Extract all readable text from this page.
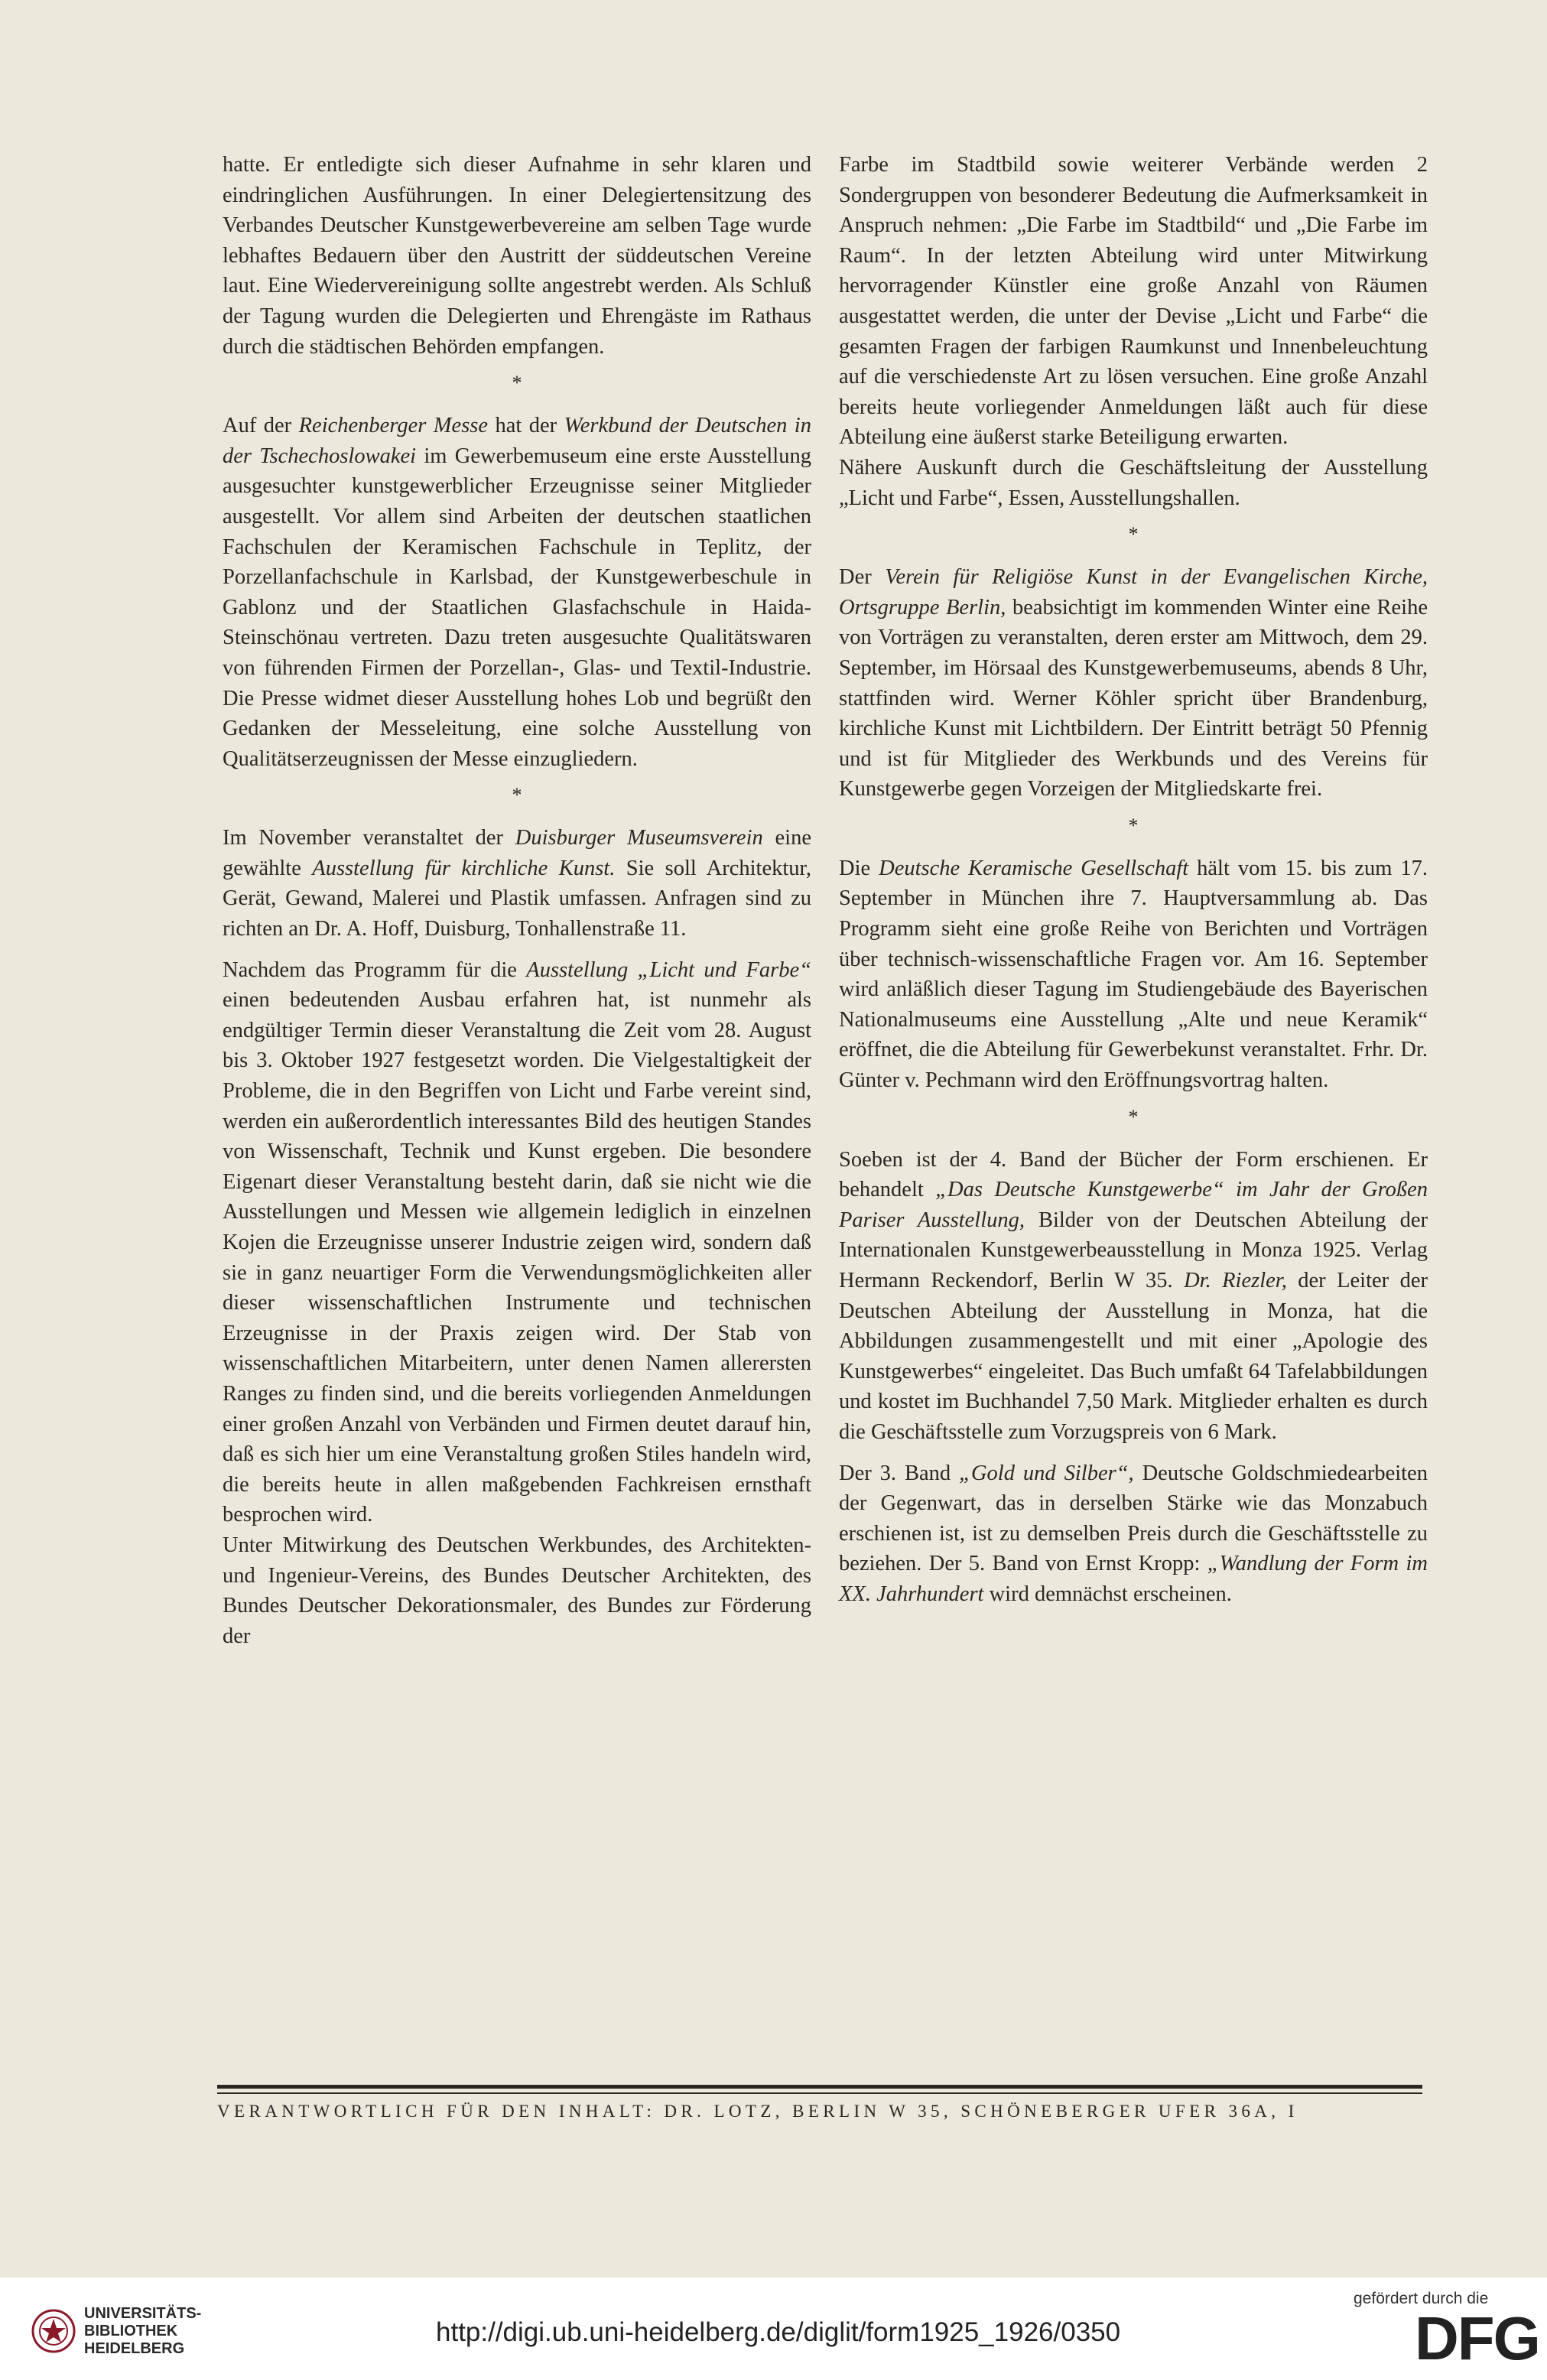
hatte. Er entledigte sich dieser Aufnahme in sehr klaren und eindringlichen Ausführungen. In einer Delegiertensitzung des Verbandes Deutscher Kunstgewerbevereine am selben Tage wurde lebhaftes Bedauern über den Austritt der süddeutschen Vereine laut. Eine Wiedervereinigung sollte angestrebt werden. Als Schluß der Tagung wurden die Delegierten und Ehrengäste im Rathaus durch die städtischen Behörden empfangen.

*

Auf der Reichenberger Messe hat der Werkbund der Deutschen in der Tschechoslowakei im Gewerbemuseum eine erste Ausstellung ausgesuchter kunstgewerblicher Erzeugnisse seiner Mitglieder ausgestellt. Vor allem sind Arbeiten der deutschen staatlichen Fachschulen der Keramischen Fachschule in Teplitz, der Porzellanfachschule in Karlsbad, der Kunstgewerbeschule in Gablonz und der Staatlichen Glasfachschule in Haida-Steinschönau vertreten. Dazu treten ausgesuchte Qualitätswaren von führenden Firmen der Porzellan-, Glas- und Textil-Industrie. Die Presse widmet dieser Ausstellung hohes Lob und begrüßt den Gedanken der Messeleitung, eine solche Ausstellung von Qualitätserzeugnissen der Messe einzugliedern.

*

Im November veranstaltet der Duisburger Museumsverein eine gewählte Ausstellung für kirchliche Kunst. Sie soll Architektur, Gerät, Gewand, Malerei und Plastik umfassen. Anfragen sind zu richten an Dr. A. Hoff, Duisburg, Tonhallenstraße 11.

Nachdem das Programm für die Ausstellung „Licht und Farbe“ einen bedeutenden Ausbau erfahren hat, ist nunmehr als endgültiger Termin dieser Veranstaltung die Zeit vom 28. August bis 3. Oktober 1927 festgesetzt worden. Die Vielgestaltigkeit der Probleme, die in den Begriffen von Licht und Farbe vereint sind, werden ein außerordentlich interessantes Bild des heutigen Standes von Wissenschaft, Technik und Kunst ergeben. Die besondere Eigenart dieser Veranstaltung besteht darin, daß sie nicht wie die Ausstellungen und Messen wie allgemein lediglich in einzelnen Kojen die Erzeugnisse unserer Industrie zeigen wird, sondern daß sie in ganz neuartiger Form die Verwendungsmöglichkeiten aller dieser wissenschaftlichen Instrumente und technischen Erzeugnisse in der Praxis zeigen wird. Der Stab von wissenschaftlichen Mitarbeitern, unter denen Namen allerersten Ranges zu finden sind, und die bereits vorliegenden Anmeldungen einer großen Anzahl von Verbänden und Firmen deutet darauf hin, daß es sich hier um eine Veranstaltung großen Stiles handeln wird, die bereits heute in allen maßgebenden Fachkreisen ernsthaft besprochen wird.

Unter Mitwirkung des Deutschen Werkbundes, des Architekten- und Ingenieur-Vereins, des Bundes Deutscher Architekten, des Bundes Deutscher Dekorationsmaler, des Bundes zur Förderung der

Farbe im Stadtbild sowie weiterer Verbände werden 2 Sondergruppen von besonderer Bedeutung die Aufmerksamkeit in Anspruch nehmen: „Die Farbe im Stadtbild“ und „Die Farbe im Raum“. In der letzten Abteilung wird unter Mitwirkung hervorragender Künstler eine große Anzahl von Räumen ausgestattet werden, die unter der Devise „Licht und Farbe“ die gesamten Fragen der farbigen Raumkunst und Innenbeleuchtung auf die verschiedenste Art zu lösen versuchen. Eine große Anzahl bereits heute vorliegender Anmeldungen läßt auch für diese Abteilung eine äußerst starke Beteiligung erwarten.

Nähere Auskunft durch die Geschäftsleitung der Ausstellung „Licht und Farbe“, Essen, Ausstellungshallen.

*

Der Verein für Religiöse Kunst in der Evangelischen Kirche, Ortsgruppe Berlin, beabsichtigt im kommenden Winter eine Reihe von Vorträgen zu veranstalten, deren erster am Mittwoch, dem 29. September, im Hörsaal des Kunstgewerbemuseums, abends 8 Uhr, stattfinden wird. Werner Köhler spricht über Brandenburg, kirchliche Kunst mit Lichtbildern. Der Eintritt beträgt 50 Pfennig und ist für Mitglieder des Werkbunds und des Vereins für Kunstgewerbe gegen Vorzeigen der Mitgliedskarte frei.

*

Die Deutsche Keramische Gesellschaft hält vom 15. bis zum 17. September in München ihre 7. Hauptversammlung ab. Das Programm sieht eine große Reihe von Berichten und Vorträgen über technisch-wissenschaftliche Fragen vor. Am 16. September wird anläßlich dieser Tagung im Studiengebäude des Bayerischen Nationalmuseums eine Ausstellung „Alte und neue Keramik“ eröffnet, die die Abteilung für Gewerbekunst veranstaltet. Frhr. Dr. Günter v. Pechmann wird den Eröffnungsvortrag halten.

*

Soeben ist der 4. Band der Bücher der Form erschienen. Er behandelt „Das Deutsche Kunstgewerbe“ im Jahr der Großen Pariser Ausstellung, Bilder von der Deutschen Abteilung der Internationalen Kunstgewerbeausstellung in Monza 1925. Verlag Hermann Reckendorf, Berlin W 35. Dr. Riezler, der Leiter der Deutschen Abteilung der Ausstellung in Monza, hat die Abbildungen zusammengestellt und mit einer „Apologie des Kunstgewerbes“ eingeleitet. Das Buch umfaßt 64 Tafelabbildungen und kostet im Buchhandel 7,50 Mark. Mitglieder erhalten es durch die Geschäftsstelle zum Vorzugspreis von 6 Mark.

Der 3. Band „Gold und Silber“, Deutsche Goldschmiedearbeiten der Gegenwart, das in derselben Stärke wie das Monzabuch erschienen ist, ist zu demselben Preis durch die Geschäftsstelle zu beziehen. Der 5. Band von Ernst Kropp: „Wandlung der Form im XX. Jahrhundert wird demnächst erscheinen.

VERANTWORTLICH FÜR DEN INHALT: DR. LOTZ, BERLIN W 35, SCHÖNEBERGER UFER 36A, I
UNIVERSITÄTS-
BIBLIOTHEK
HEIDELBERG
http://digi.ub.uni-heidelberg.de/diglit/form1925_1926/0350
gefördert durch die
DFG
